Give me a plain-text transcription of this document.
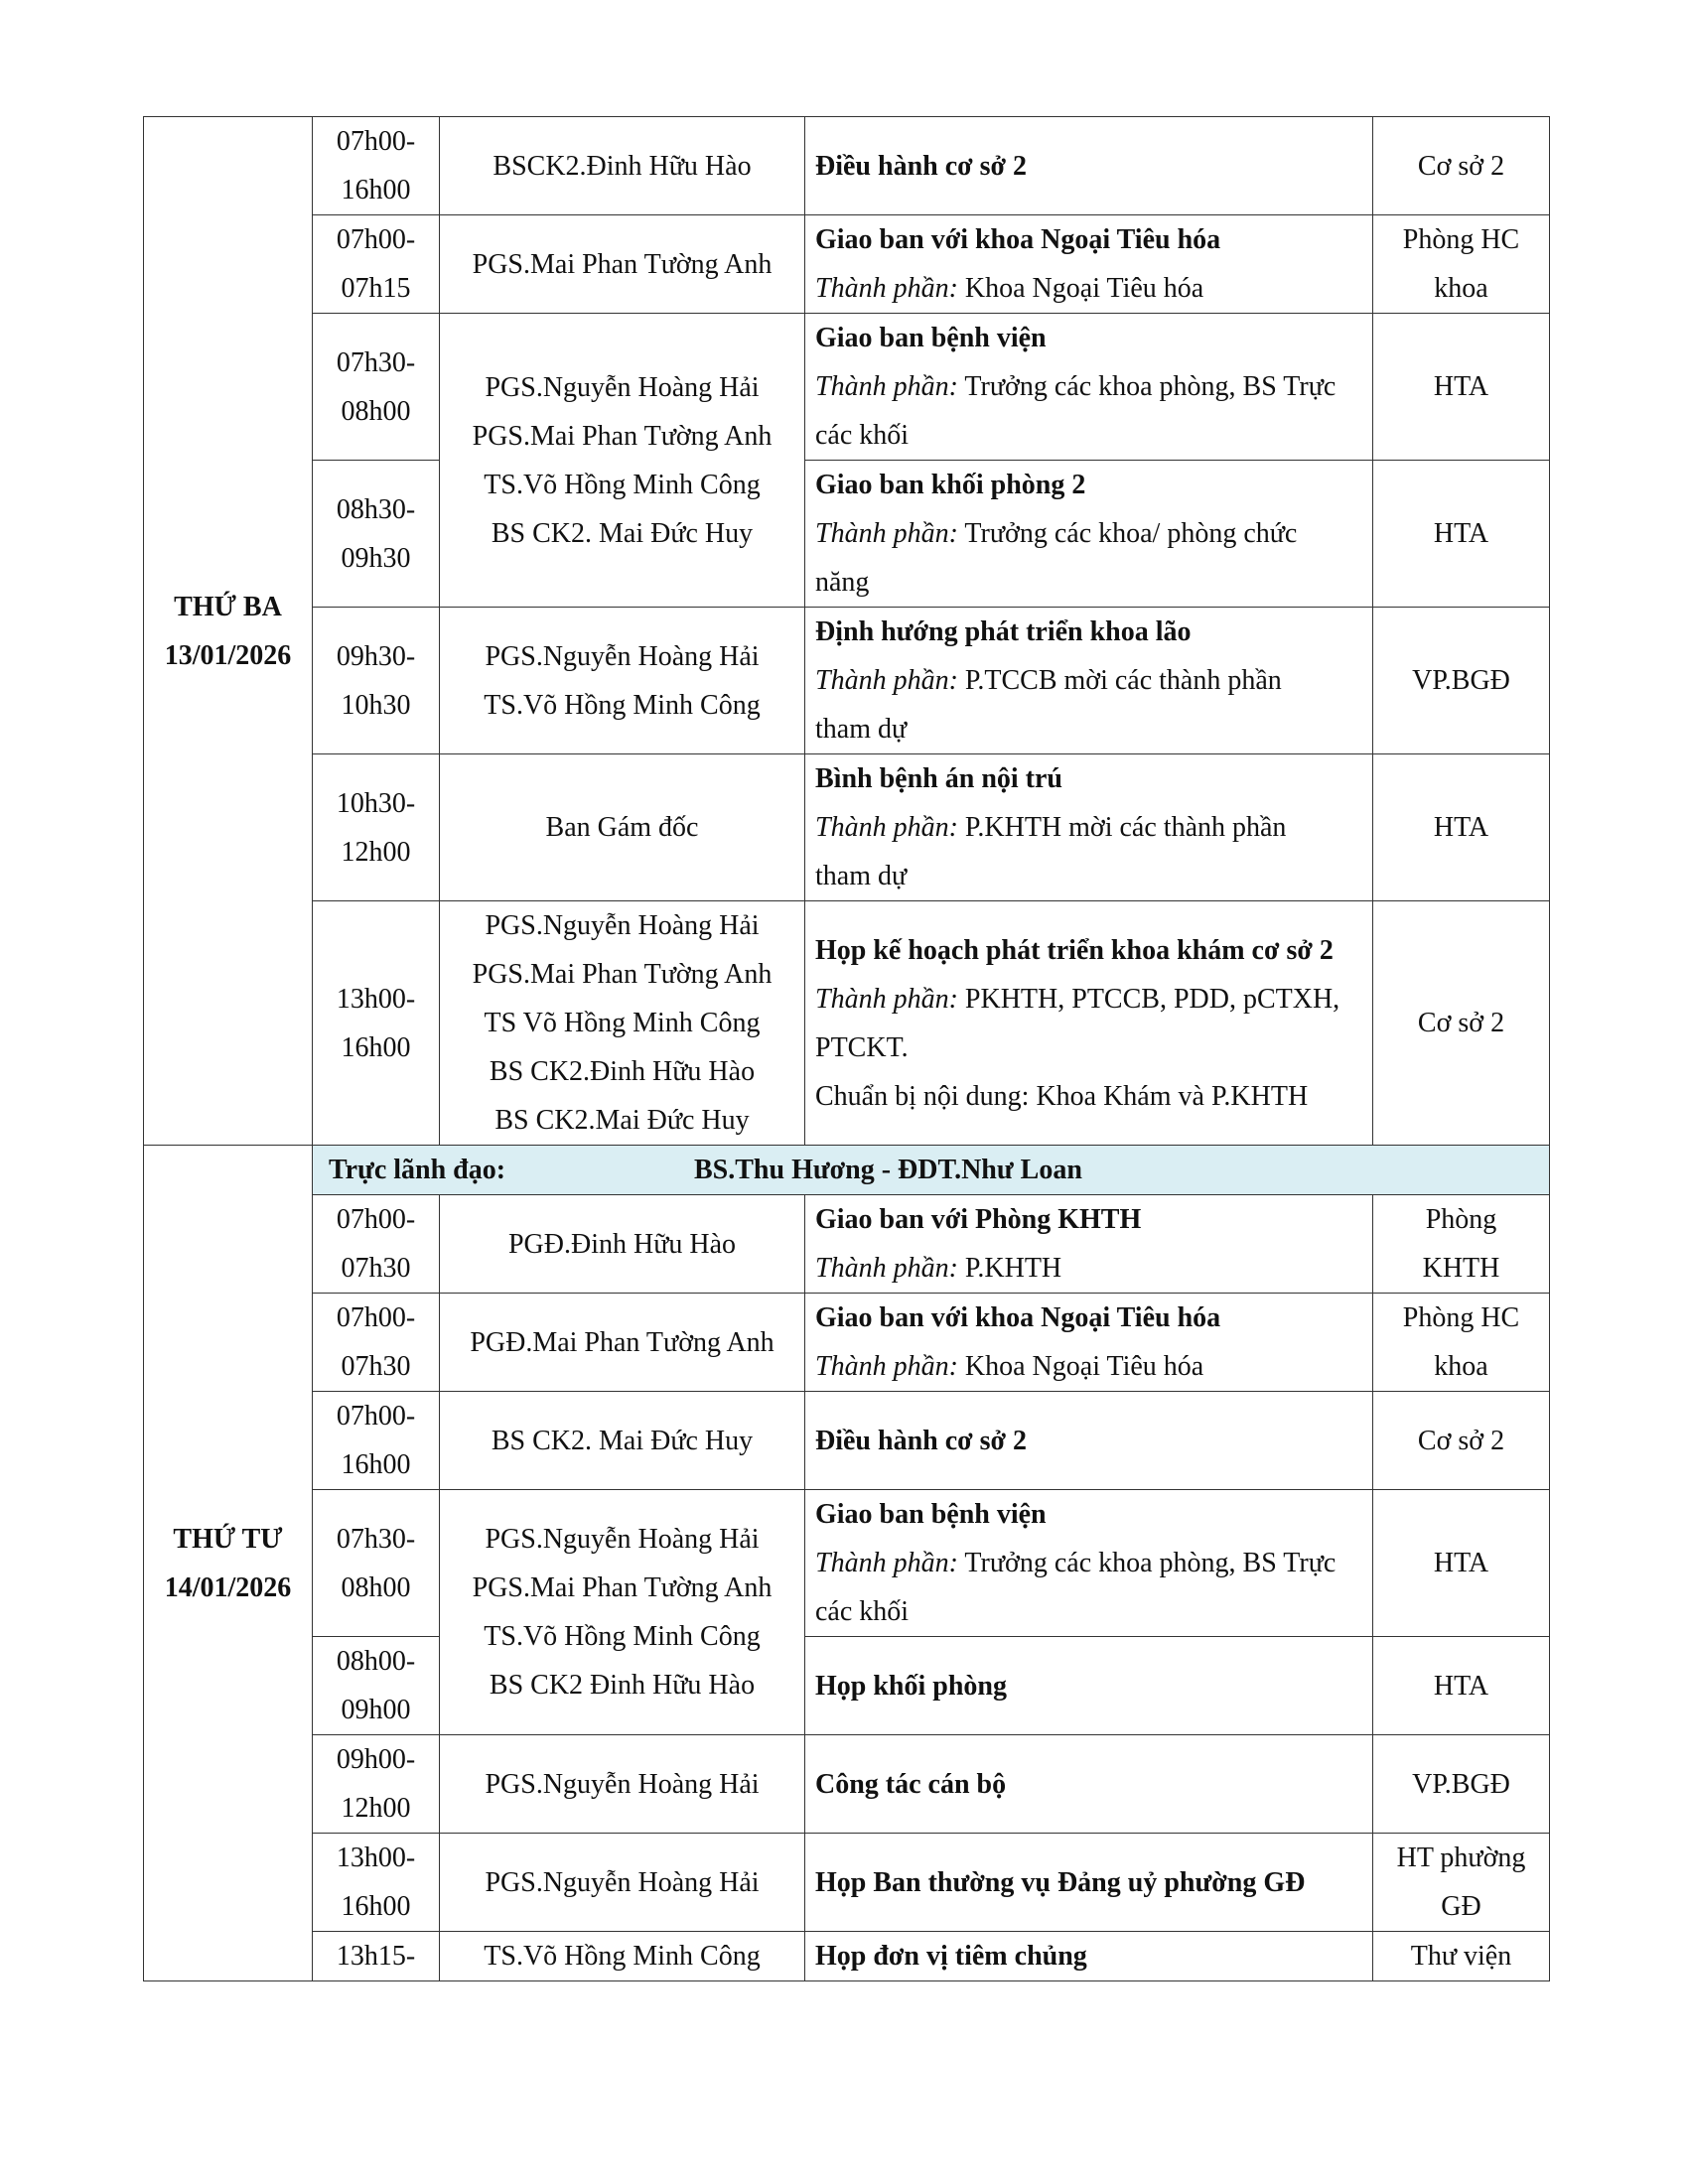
THỨ BA
13/01/2026	07h00-
16h00	BSCK2.Đinh Hữu Hào	Điều hành cơ sở 2	Cơ sở 2

	07h00-
07h15	PGS.Mai Phan Tường Anh	Giao ban với khoa Ngoại Tiêu hóa
Thành phần: Khoa Ngoại Tiêu hóa	Phòng HC
khoa

	07h30-
08h00	PGS.Nguyễn Hoàng Hải
PGS.Mai Phan Tường Anh
TS.Võ Hồng Minh Công
BS CK2. Mai Đức Huy	Giao ban bệnh viện
Thành phần: Trưởng các khoa phòng, BS Trực
các khối	HTA

	08h30-
09h30		Giao ban khối phòng 2
Thành phần: Trưởng các khoa/ phòng chức
năng	HTA

	09h30-
10h30	PGS.Nguyễn Hoàng Hải
TS.Võ Hồng Minh Công	Định hướng phát triển khoa lão
Thành phần: P.TCCB mời các thành phần
tham dự	VP.BGĐ

	10h30-
12h00	Ban Gám đốc	Bình bệnh án nội trú
Thành phần: P.KHTH mời các thành phần
tham dự	HTA

	13h00-
16h00	PGS.Nguyễn Hoàng Hải
PGS.Mai Phan Tường Anh
TS Võ Hồng Minh Công
BS CK2.Đinh Hữu Hào
BS CK2.Mai Đức Huy	Họp kế hoạch phát triển khoa khám cơ sở 2
Thành phần: PKHTH, PTCCB, PDD, pCTXH,
PTCKT.
Chuẩn bị nội dung: Khoa Khám và P.KHTH	Cơ sở 2

THỨ TƯ
14/01/2026	Trực lãnh đạo: BS.Thu Hương - ĐDT.Như Loan			

	07h00-
07h30	PGĐ.Đinh Hữu Hào	Giao ban với Phòng KHTH
Thành phần: P.KHTH	Phòng
KHTH

	07h00-
07h30	PGĐ.Mai Phan Tường Anh	Giao ban với khoa Ngoại Tiêu hóa
Thành phần: Khoa Ngoại Tiêu hóa	Phòng HC
khoa

	07h00-
16h00	BS CK2. Mai Đức Huy	Điều hành cơ sở 2	Cơ sở 2

	07h30-
08h00	PGS.Nguyễn Hoàng Hải
PGS.Mai Phan Tường Anh
TS.Võ Hồng Minh Công
BS CK2 Đinh Hữu Hào	Giao ban bệnh viện
Thành phần: Trưởng các khoa phòng, BS Trực
các khối	HTA

	08h00-
09h00		Họp khối phòng	HTA

	09h00-
12h00	PGS.Nguyễn Hoàng Hải	Công tác cán bộ	VP.BGĐ

	13h00-
16h00	PGS.Nguyễn Hoàng Hải	Họp Ban thường vụ Đảng uỷ phường GĐ	HT phường
GĐ

	13h15-	TS.Võ Hồng Minh Công	Họp đơn vị tiêm chủng	Thư viện
